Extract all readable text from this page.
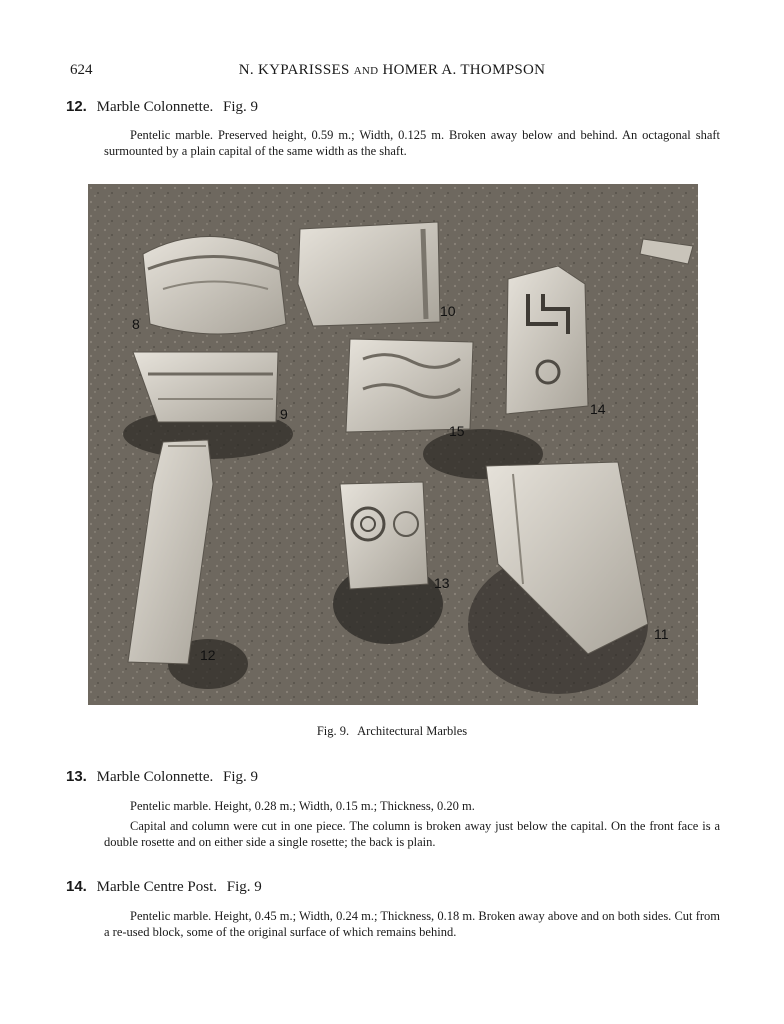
624	N. KYPARISSES AND HOMER A. THOMPSON
12. Marble Colonnette. Fig. 9
Pentelic marble. Preserved height, 0.59 m.; Width, 0.125 m. Broken away below and behind. An octagonal shaft surmounted by a plain capital of the same width as the shaft.
8
9
10
11
12
13
14
15
Fig. 9. Architectural Marbles
13. Marble Colonnette. Fig. 9
Pentelic marble. Height, 0.28 m.; Width, 0.15 m.; Thickness, 0.20 m.
Capital and column were cut in one piece. The column is broken away just below the capital. On the front face is a double rosette and on either side a single rosette; the back is plain.
14. Marble Centre Post. Fig. 9
Pentelic marble. Height, 0.45 m.; Width, 0.24 m.; Thickness, 0.18 m. Broken away above and on both sides. Cut from a re-used block, some of the original surface of which remains behind.
